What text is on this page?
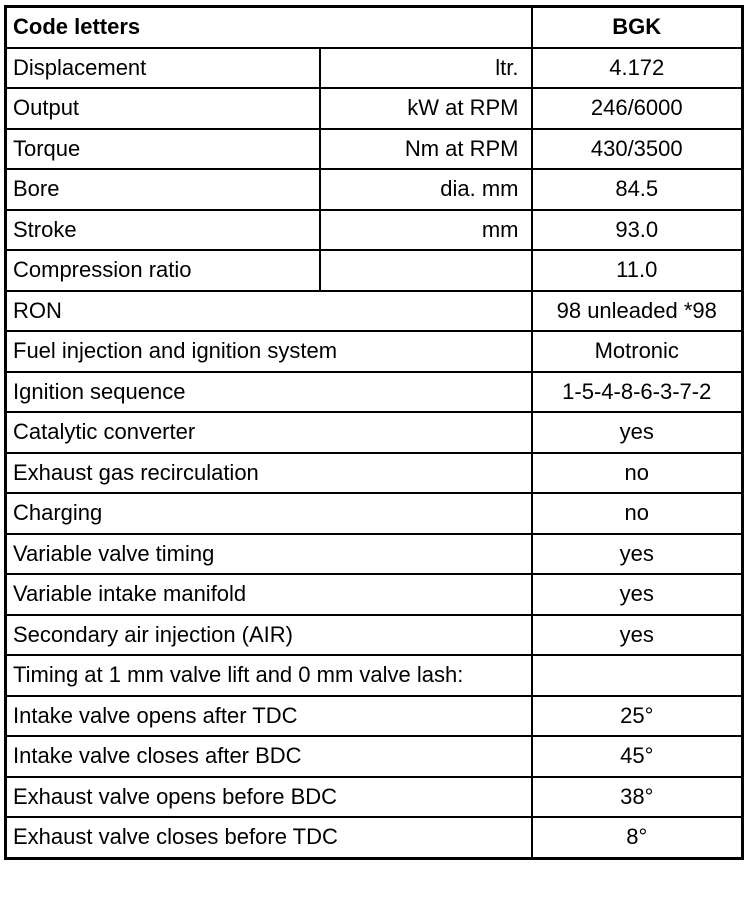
Code letters		BGK
Displacement	ltr.	4.172
Output	kW at RPM	246/6000
Torque	Nm at RPM	430/3500
Bore	dia. mm	84.5
Stroke	mm	93.0
Compression ratio		11.0
RON		98 unleaded *98
Fuel injection and ignition system		Motronic
Ignition sequence		1-5-4-8-6-3-7-2
Catalytic converter		yes
Exhaust gas recirculation		no
Charging		no
Variable valve timing		yes
Variable intake manifold		yes
Secondary air injection (AIR)		yes
Timing at 1 mm valve lift and 0 mm valve lash:		
Intake valve opens after TDC		25°
Intake valve closes after BDC		45°
Exhaust valve opens before BDC		38°
Exhaust valve closes before TDC		8°
